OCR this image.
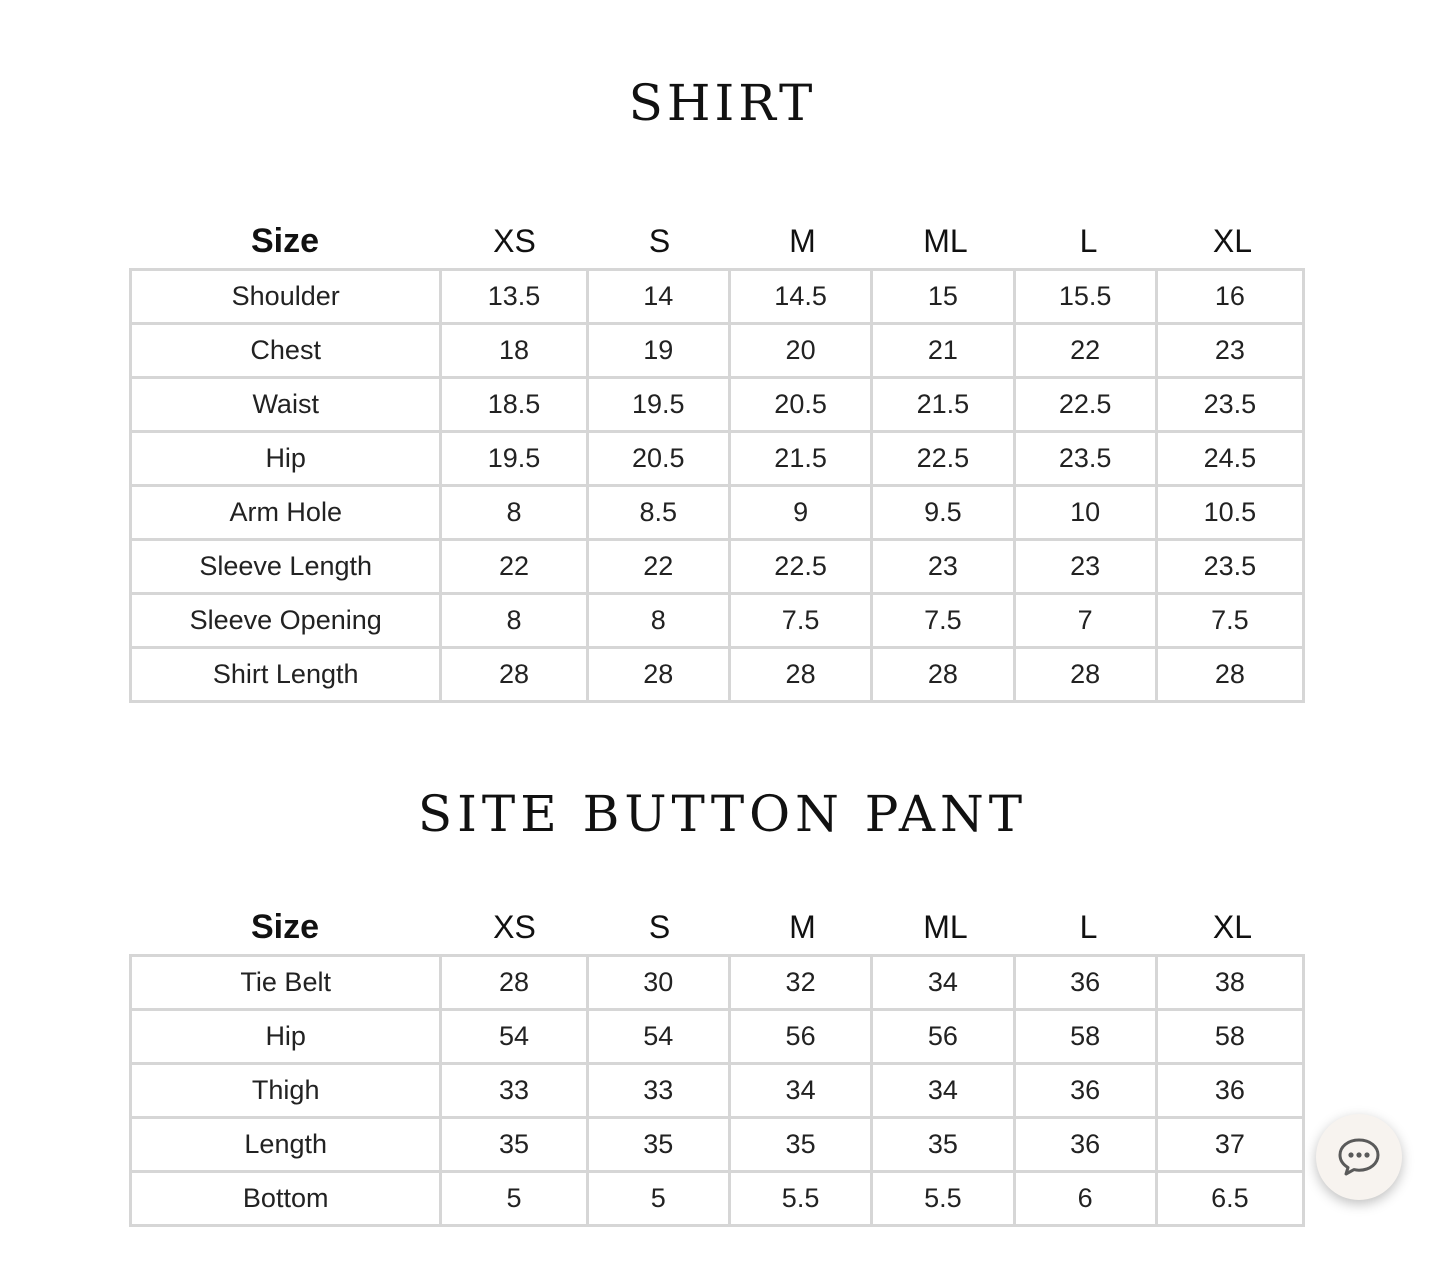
SHIRT
Size	XS	S	M	ML	L	XL
Shoulder	13.5	14	14.5	15	15.5	16
Chest	18	19	20	21	22	23
Waist	18.5	19.5	20.5	21.5	22.5	23.5
Hip	19.5	20.5	21.5	22.5	23.5	24.5
Arm Hole	8	8.5	9	9.5	10	10.5
Sleeve Length	22	22	22.5	23	23	23.5
Sleeve Opening	8	8	7.5	7.5	7	7.5
Shirt Length	28	28	28	28	28	28
SITE BUTTON PANT
Size	XS	S	M	ML	L	XL
Tie Belt	28	30	32	34	36	38
Hip	54	54	56	56	58	58
Thigh	33	33	34	34	36	36
Length	35	35	35	35	36	37
Bottom	5	5	5.5	5.5	6	6.5
